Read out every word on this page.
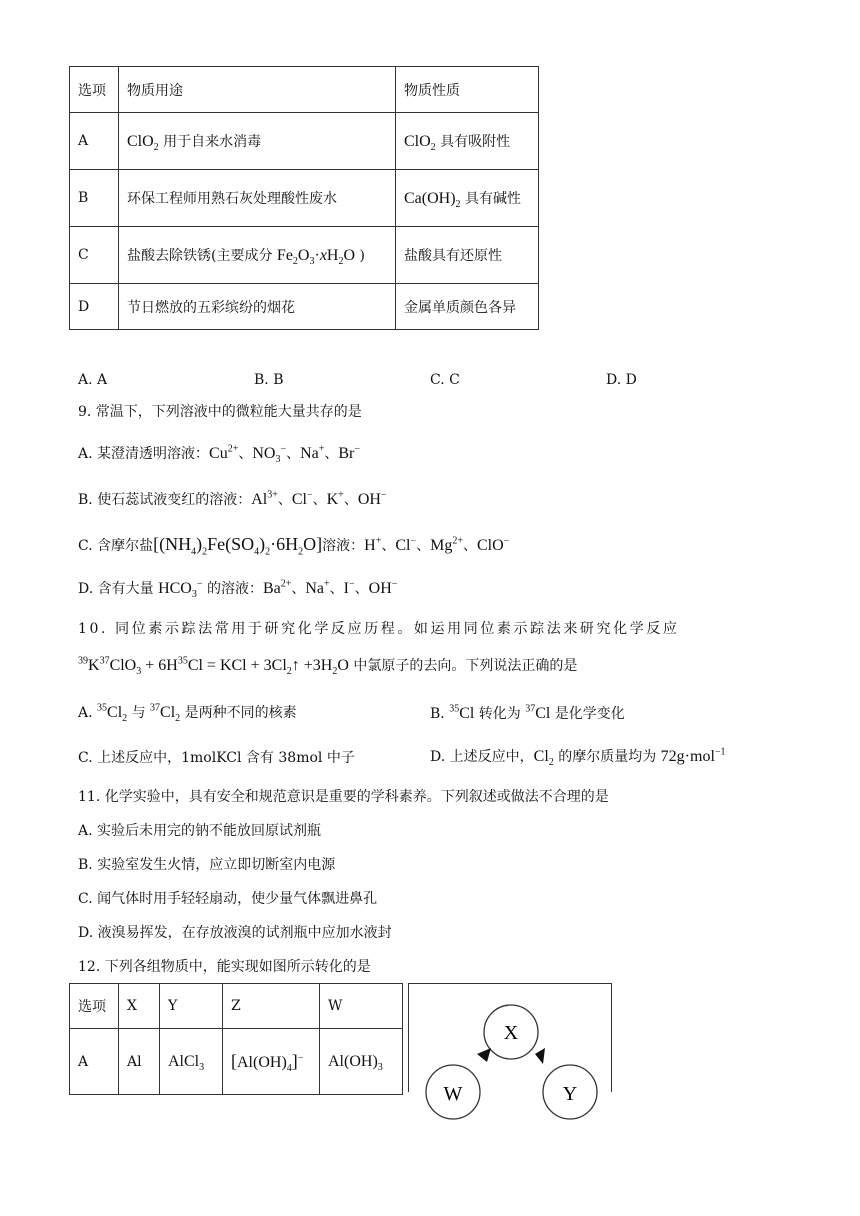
选项	物质用途	物质性质
A	ClO$_2$ 用于自来水消毒	ClO$_2$ 具有吸附性
B	环保工程师用熟石灰处理酸性废水	$Ca(OH)_2$ 具有碱性
C	盐酸去除铁锈(主要成分 $Fe_2O_3\cdot xH_2O$ )	盐酸具有还原性
D	节日燃放的五彩缤纷的烟花	金属单质颜色各异
A. A	B. B	C. C	D. D
9. 常温下，下列溶液中的微粒能大量共存的是
A. 某澄清透明溶液：$Cu^{2+}$、$NO_3^-$、Na+、Br−
B. 使石蕊试液变红的溶液：$Al^{3+}$、Cl−、K+、OH−
C. 含摩尔盐$[(NH_4)_2Fe(SO_4)_2\cdot 6H_2O]$溶液：H+、Cl−、$Mg^{2+}$、ClO−
D. 含有大量 $HCO_3^-$ 的溶液：$Ba^{2+}$、Na+、I−、OH−
10. 同位素示踪法常用于研究化学反应历程。如运用同位素示踪法来研究化学反应
$^{39}K^{37}ClO_3 + 6H^{35}Cl$ = KCl + $3Cl_2↑ +3H_2O$ 中氯原子的去向。下列说法正确的是
A. $^{35}Cl_2$ 与 $^{37}Cl_2$ 是两种不同的核素	B. $^{35}$Cl 转化为 $^{37}$Cl 是化学变化
C. 上述反应中，1molKCl 含有 38mol 中子	D. 上述反应中，$Cl_2$ 的摩尔质量均为 72g·mol$^{-1}$
11. 化学实验中，具有安全和规范意识是重要的学科素养。下列叙述或做法不合理的是
A. 实验后未用完的钠不能放回原试剂瓶
B. 实验室发生火情，应立即切断室内电源
C. 闻气体时用手轻轻扇动，使少量气体飘进鼻孔
D. 液溴易挥发，在存放液溴的试剂瓶中应加水液封
12. 下列各组物质中，能实现如图所示转化的是
选项	X	Y	Z	W
A	Al	AlCl$_3$	$[Al(OH)_4]^-$	$Al(OH)_3$
X
W	Y
